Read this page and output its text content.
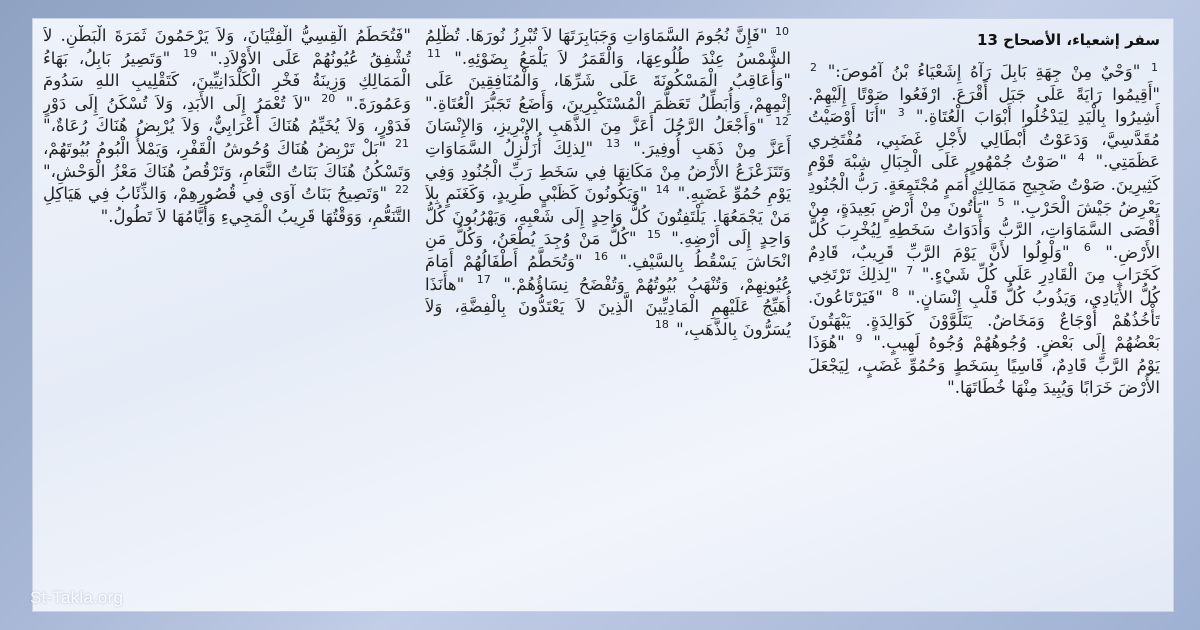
سفر إشعياء، الأصحاح 13
$^1$ "وَحْيٌ مِنْ جِهَةِ بَابِلَ رَآهُ إِشَعْيَاءُ بْنُ آمُوصَ:" $^2$ "أَقِيمُوا رَايَةً عَلَى جَبَل أَقْرَعَ. ارْفَعُوا صَوْتًا إِلَيْهِمْ. أَشِيرُوا بِالْيَدِ لِيَدْخُلُوا أَبْوَابَ الْعُتَاةِ." $^3$ "أَنَا أَوْصَيْتُ مُقَدَّسِيَّ، وَدَعَوْتُ أَبْطَالِي لأَجْلِ غَضَبِي، مُفْتَخِري عَظَمَتِي." $^4$ "صَوْتُ جُمْهُورٍ عَلَى الْجِبَالِ شِبْهَ قَوْمٍ كَثِيرِينَ. صَوْتُ ضَجِيجِ مَمَالِكِ أُمَمٍ مُجْتَمِعَةٍ. رَبُّ الْجُنُودِ يَعْرِضُ جَيْشَ الْحَرْبِ." $^5$ "يَأْتُونَ مِنْ أَرْضٍ بَعِيدَةٍ، مِنْ أَقْصَى السَّمَاوَاتِ، الرَّبُّ وَأَدَوَاتُ سَخَطِهِ لِيُخْرِبَ كُلَّ الأَرْضِ." $^6$ "وَلْوِلُوا لأَنَّ يَوْمَ الرَّبِّ قَرِيبٌ، قَادِمٌ كَخَرَابٍ مِنَ الْقَادِرِ عَلَى كُلِّ شَيْءٍ." $^7$ "لِذلِكَ تَرْتَخِي كُلُّ الأَيَادِي، وَيَذُوبُ كُلُّ قَلْبِ إِنْسَانٍ." $^8$ "فَيَرْتَاعُونَ. تَأْخُذُهُمْ أَوْجَاعٌ وَمَخَاضٌ. يَتَلَوَّوْنَ كَوَالِدَةٍ. يَبْهَتُونَ بَعْضُهُمْ إِلَى بَعْضٍ. وُجُوهُهُمْ وُجُوهُ لَهِيبٍ." $^9$ "هُوَذَا يَوْمُ الرَّبِّ قَادِمٌ، قَاسِيًا بِسَخَطٍ وَحُمُوِّ غَضَبٍ، لِيَجْعَلَ الأَرْضَ خَرَابًا وَيُبِيدَ مِنْهَا خُطَاتَهَا."
$^{10}$ "فَإِنَّ نُجُومَ السَّمَاوَاتِ وَجَبَابِرَتَهَا لاَ تُبْرِزُ نُورَهَا. تُظْلِمُ الشَّمْسُ عِنْدَ طُلُوعِهَا، وَالْقَمَرُ لاَ يَلْمَعُ بِضَوْئِهِ." $^{11}$ "وَأُعَاقِبُ الْمَسْكُونَةَ عَلَى شَرِّهَا، وَالْمُنَافِقِينَ عَلَى إِثْمِهِمْ، وَأُبَطِّلُ تَعَظُّمَ الْمُسْتَكْبِرِينَ، وَأَضَعُ تَجَبُّرَ الْعُتَاةِ." $^{12}$ "وَأَجْعَلُ الرَّجُلَ أَعَزَّ مِنَ الذَّهَبِ الإِبْرِيزِ، وَالإِنْسَانَ أَعَزَّ مِنْ ذَهَبِ أُوفِيرَ." $^{13}$ "لِذلِكَ أُزَلْزِلُ السَّمَاوَاتِ وَتَتَزَعْزَعُ الأَرْضُ مِنْ مَكَانِهَا فِي سَخَطِ رَبِّ الْجُنُودِ وَفِي يَوْمِ حُمُوِّ غَضَبِهِ." $^{14}$ "وَيَكُونُونَ كَظَبْيٍ طَرِيدٍ، وَكَغَنَمٍ بِلاَ مَنْ يَجْمَعُهَا. يَلْتَفِتُونَ كُلُّ وَاحِدٍ إِلَى شَعْبِهِ، وَيَهْرُبُونَ كُلُّ وَاحِدٍ إِلَى أَرْضِهِ." $^{15}$ "كُلُّ مَنْ وُجِدَ يُطْعَنُ، وَكُلُّ مَنِ انْحَاشَ يَسْقُطُ بِالسَّيْفِ." $^{16}$ "وَتُحَطَّمُ أَطْفَالُهُمْ أَمَامَ عُيُونِهِمْ، وَتُنْهَبُ بُيُوتُهُمْ وَتُفْضَحُ نِسَاؤُهُمْ." $^{17}$ "هأَنَذَا أُهَيِّجُ عَلَيْهِمِ الْمَادِيِّينَ الَّذِينَ لاَ يَعْتَدُّونَ بِالْفِضَّةِ، وَلاَ يُسَرُّونَ بِالذَّهَبِ،" $^{18}$
"فَتُحَطِّمُ الْقِسِيُّ الْفِتْيَانَ، وَلاَ يَرْحَمُونَ ثَمَرَةَ الْبَطْنِ. لاَ تُشْفِقُ عُيُونُهُمْ عَلَى الأَوْلاَدِ." $^{19}$ "وَتَصِيرُ بَابِلُ، بَهَاءُ الْمَمَالِكِ وَزِينَةُ فَخْرِ الْكَلْدَانِيِّينَ، كَتَقْلِيبِ اللهِ سَدُومَ وَعَمُورَةَ." $^{20}$ "لاَ تُعْمَرُ إِلَى الأَبَدِ، وَلاَ تُسْكَنُ إِلَى دَوْرٍ فَدَوْرٍ، وَلاَ يُخَيِّمُ هُنَاكَ أَعْرَابِيٌّ، وَلاَ يُرْبِضُ هُنَاكَ رُعَاةٌ،" $^{21}$ "بَلْ تَرْبِضُ هُنَاكَ وُحُوشُ الْقَفْرِ، وَيَمْلأُ الْبُومُ بُيُوتَهُمْ، وَتَسْكُنُ هُنَاكَ بَنَاتُ النَّعَامِ، وَتَرْقُصُ هُنَاكَ مَعْزُ الْوَحْشِ،" $^{22}$ "وَتَصِيحُ بَنَاتُ آوَى فِي قُصُورِهِمْ، وَالذِّئَابُ فِي هَيَاكِلِ التَّنَعُّمِ، وَوَقْتُهَا قَرِيبُ الْمَجِيءِ وَأَيَّامُهَا لاَ تَطُولُ."
St-Takla.org
